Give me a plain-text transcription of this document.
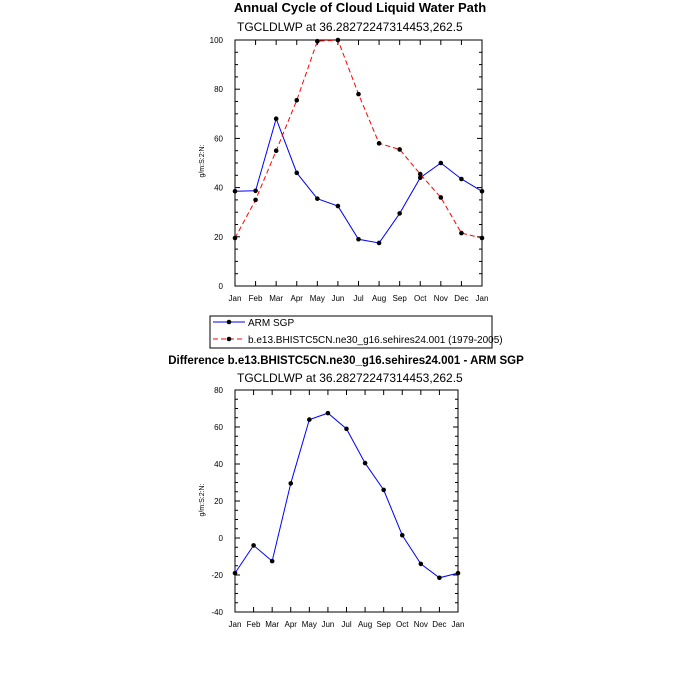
Annual Cycle of Cloud Liquid Water Path
TGCLDLWP at 36.28272247314453,262.5
g/m:S:2:N:
Jan Feb Mar Apr May Jun Jul Aug Sep Oct Nov Dec Jan
0
20
40
60
80
100
ARM SGP
b.e13.BHISTC5CN.ne30_g16.sehires24.001 (1979-2005)
Difference b.e13.BHISTC5CN.ne30_g16.sehires24.001 - ARM SGP
TGCLDLWP at 36.28272247314453,262.5
g/m:S:2:N:
Jan Feb Mar Apr May Jun Jul Aug Sep Oct Nov Dec Jan
-40
-20
0
20
40
60
80
